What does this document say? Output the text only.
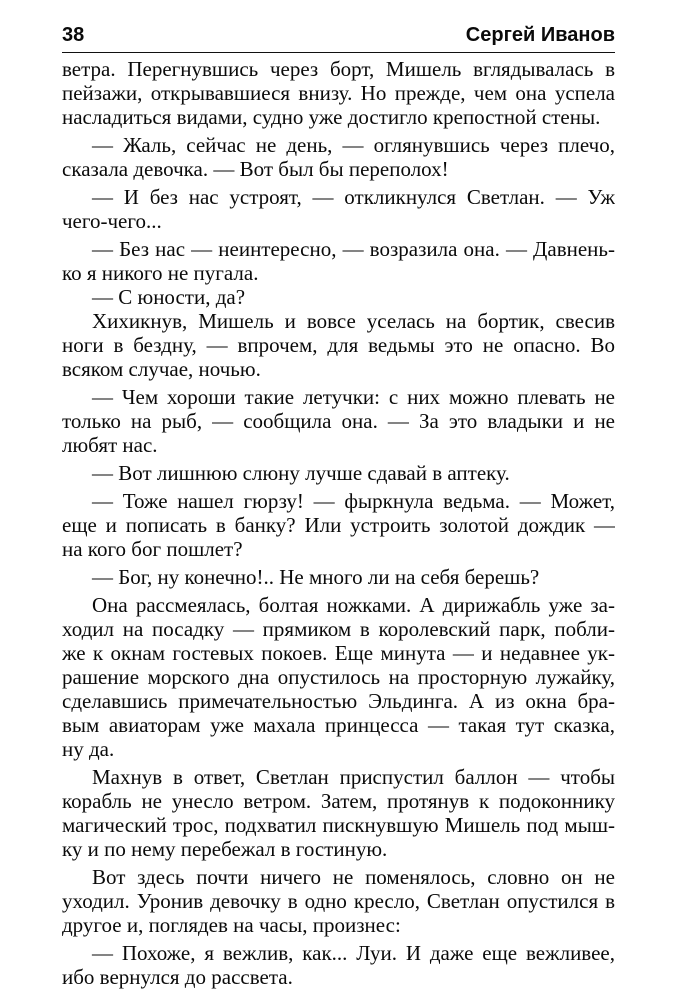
38	Сергей Иванов
ветра. Перегнувшись через борт, Мишель вглядывалась в
пейзажи, открывавшиеся внизу. Но прежде, чем она успела
насладиться видами, судно уже достигло крепостной стены.
— Жаль, сейчас не день, — оглянувшись через плечо,
сказала девочка. — Вот был бы переполох!
— И без нас устроят, — откликнулся Светлан. — Уж
чего-чего...
— Без нас — неинтересно, — возразила она. — Давнень-
ко я никого не пугала.
— С юности, да?
Хихикнув, Мишель и вовсе уселась на бортик, свесив
ноги в бездну, — впрочем, для ведьмы это не опасно. Во
всяком случае, ночью.
— Чем хороши такие летучки: с них можно плевать не
только на рыб, — сообщила она. — За это владыки и не
любят нас.
— Вот лишнюю слюну лучше сдавай в аптеку.
— Тоже нашел гюрзу! — фыркнула ведьма. — Может,
еще и пописать в банку? Или устроить золотой дождик —
на кого бог пошлет?
— Бог, ну конечно!.. Не много ли на себя берешь?
Она рассмеялась, болтая ножками. А дирижабль уже за-
ходил на посадку — прямиком в королевский парк, побли-
же к окнам гостевых покоев. Еще минута — и недавнее ук-
рашение морского дна опустилось на просторную лужайку,
сделавшись примечательностью Эльдинга. А из окна бра-
вым авиаторам уже махала принцесса — такая тут сказка,
ну да.
Махнув в ответ, Светлан приспустил баллон — чтобы
корабль не унесло ветром. Затем, протянув к подоконнику
магический трос, подхватил пискнувшую Мишель под мыш-
ку и по нему перебежал в гостиную.
Вот здесь почти ничего не поменялось, словно он не
уходил. Уронив девочку в одно кресло, Светлан опустился в
другое и, поглядев на часы, произнес:
— Похоже, я вежлив, как... Луи. И даже еще вежливее,
ибо вернулся до рассвета.
